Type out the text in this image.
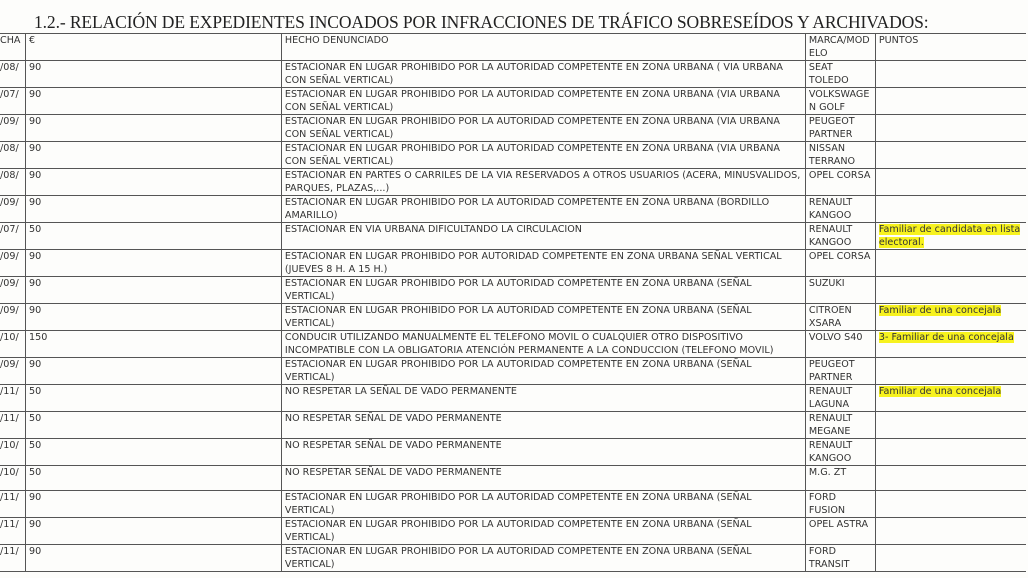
1.2.- RELACIÓN DE EXPEDIENTES INCOADOS POR INFRACCIONES DE TRÁFICO SOBRESEÍDOS Y ARCHIVADOS:
CHA	€	HECHO DENUNCIADO	MARCA/MOD ELO	PUNTOS
/08/	90	ESTACIONAR EN LUGAR PROHIBIDO POR LA AUTORIDAD COMPETENTE EN ZONA URBANA ( VIA URBANA CON SEÑAL VERTICAL)	SEAT TOLEDO	
/07/	90	ESTACIONAR EN LUGAR PROHIBIDO POR LA AUTORIDAD COMPETENTE EN ZONA URBANA (VIA URBANA CON SEÑAL VERTICAL)	VOLKSWAGE N GOLF	
/09/	90	ESTACIONAR EN LUGAR PROHIBIDO POR LA AUTORIDAD COMPETENTE EN ZONA URBANA (VIA URBANA CON SEÑAL VERTICAL)	PEUGEOT PARTNER	
/08/	90	ESTACIONAR EN LUGAR PROHIBIDO POR LA AUTORIDAD COMPETENTE EN ZONA URBANA (VIA URBANA CON SEÑAL VERTICAL)	NISSAN TERRANO	
/08/	90	ESTACIONAR EN PARTES O CARRILES DE LA VIA RESERVADOS A OTROS USUARIOS (ACERA, MINUSVALIDOS, PARQUES, PLAZAS,...)	OPEL CORSA	
/09/	90	ESTACIONAR EN LUGAR PROHIBIDO POR LA AUTORIDAD COMPETENTE EN ZONA URBANA (BORDILLO AMARILLO)	RENAULT KANGOO	
/07/	50	ESTACIONAR EN VIA URBANA DIFICULTANDO LA CIRCULACION	RENAULT KANGOO	Familiar de candidata en lista electoral.
/09/	90	ESTACIONAR EN LUGAR PROHIBIDO POR AUTORIDAD COMPETENTE EN ZONA URBANA SEÑAL VERTICAL (JUEVES 8 H. A 15 H.)	OPEL CORSA	
/09/	90	ESTACIONAR EN LUGAR PROHIBIDO POR LA AUTORIDAD COMPETENTE EN ZONA URBANA (SEÑAL VERTICAL)	SUZUKI	
/09/	90	ESTACIONAR EN LUGAR PROHIBIDO POR LA AUTORIDAD COMPETENTE EN ZONA URBANA (SEÑAL VERTICAL)	CITROEN XSARA	Familiar de una concejala
/10/	150	CONDUCIR UTILIZANDO MANUALMENTE EL TELEFONO MOVIL O CUALQUIER OTRO DISPOSITIVO INCOMPATIBLE CON LA OBLIGATORIA ATENCIÓN PERMANENTE A LA CONDUCCION (TELEFONO MOVIL)	VOLVO S40	3- Familiar de una concejala
/09/	90	ESTACIONAR EN LUGAR PROHIBIDO POR LA AUTORIDAD COMPETENTE EN ZONA URBANA (SEÑAL VERTICAL)	PEUGEOT PARTNER	
/11/	50	NO RESPETAR LA SEÑAL DE VADO PERMANENTE	RENAULT LAGUNA	Familiar de una concejala
/11/	50	NO RESPETAR SEÑAL DE VADO PERMANENTE	RENAULT MEGANE	
/10/	50	NO RESPETAR SEÑAL DE VADO PERMANENTE	RENAULT KANGOO	
/10/	50	NO RESPETAR SEÑAL DE VADO PERMANENTE	M.G. ZT	
/11/	90	ESTACIONAR EN LUGAR PROHIBIDO POR LA AUTORIDAD COMPETENTE EN ZONA URBANA (SEÑAL VERTICAL)	FORD FUSION	
/11/	90	ESTACIONAR EN LUGAR PROHIBIDO POR LA AUTORIDAD COMPETENTE EN ZONA URBANA (SEÑAL VERTICAL)	OPEL ASTRA	
/11/	90	ESTACIONAR EN LUGAR PROHIBIDO POR LA AUTORIDAD COMPETENTE EN ZONA URBANA (SEÑAL VERTICAL)	FORD TRANSIT	
